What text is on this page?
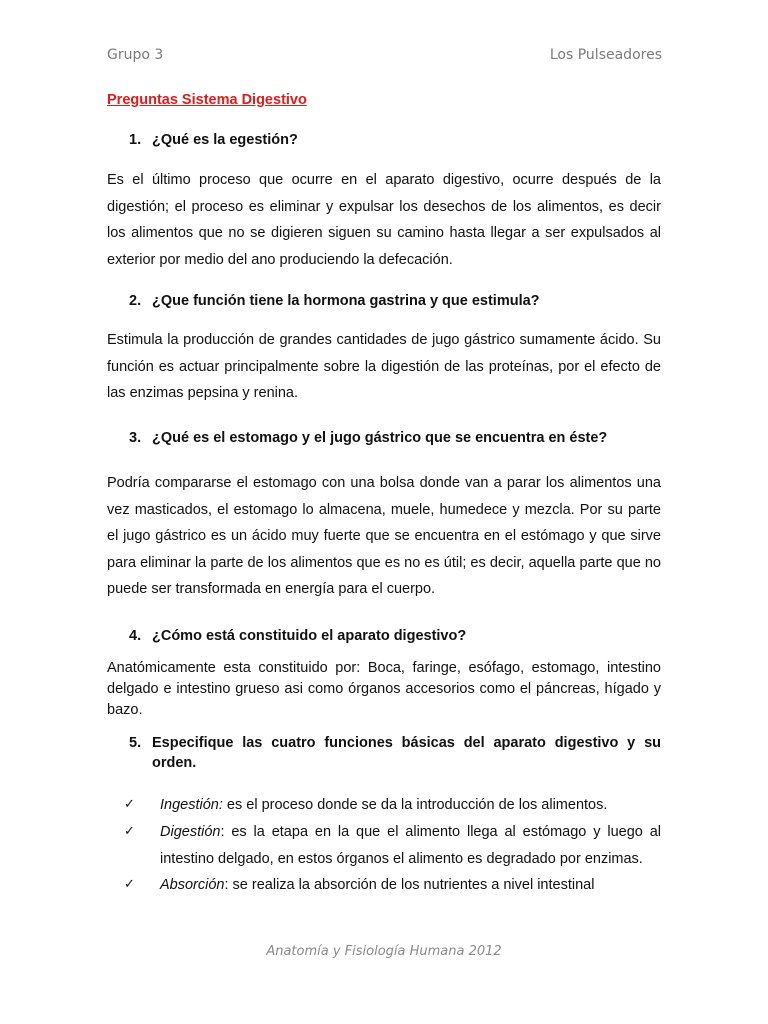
Grupo 3	Los Pulseadores
Preguntas Sistema Digestivo
1. ¿Qué es la egestión?
Es el último proceso que ocurre en el aparato digestivo, ocurre después de la digestión; el proceso es eliminar y expulsar los desechos de los alimentos, es decir los alimentos que no se digieren siguen su camino hasta llegar a ser expulsados al exterior por medio del ano produciendo la defecación.
2. ¿Que función tiene la hormona gastrina y que estimula?
Estimula la producción de grandes cantidades de jugo gástrico sumamente ácido. Su función es actuar principalmente sobre la digestión de las proteínas, por el efecto de las enzimas pepsina y renina.
3. ¿Qué es el estomago y el jugo gástrico que se encuentra en éste?
Podría compararse el estomago con una bolsa donde van a parar los alimentos una vez masticados, el estomago lo almacena, muele, humedece y mezcla. Por su parte el jugo gástrico es un ácido muy fuerte que se encuentra en el estómago y que sirve para eliminar la parte de los alimentos que es no es útil; es decir, aquella parte que no puede ser transformada en energía para el cuerpo.
4. ¿Cómo está constituido el aparato digestivo?
Anatómicamente esta constituido por: Boca, faringe, esófago, estomago, intestino delgado e intestino grueso asi como órganos accesorios como el páncreas, hígado y bazo.
5. Especifique las cuatro funciones básicas del aparato digestivo y su orden.
✓ Ingestión: es el proceso donde se da la introducción de los alimentos.
✓ Digestión: es la etapa en la que el alimento llega al estómago y luego al intestino delgado, en estos órganos el alimento es degradado por enzimas.
✓ Absorción: se realiza la absorción de los nutrientes a nivel intestinal
Anatomía y Fisiología Humana 2012
